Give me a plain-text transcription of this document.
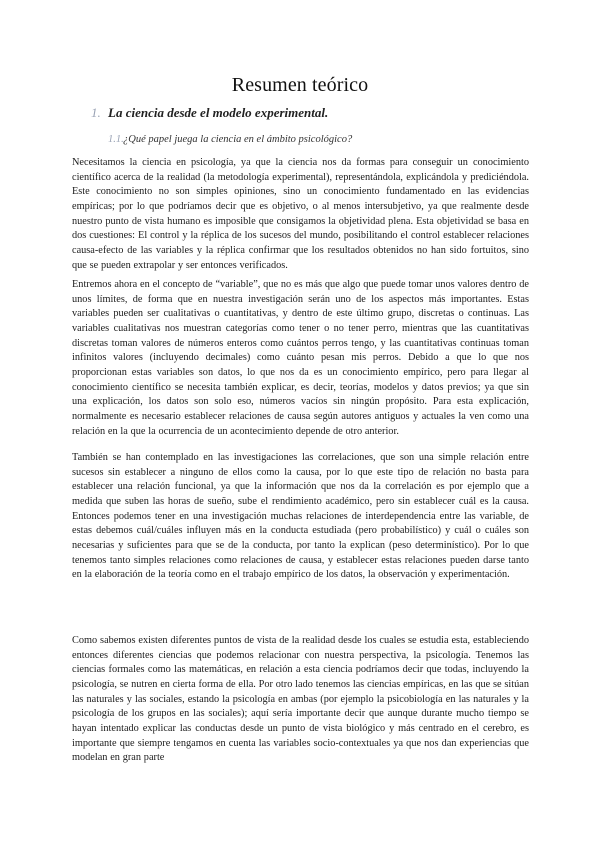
Resumen teórico
1. La ciencia desde el modelo experimental.
1.1.¿Qué papel juega la ciencia en el ámbito psicológico?

Necesitamos la ciencia en psicología, ya que la ciencia nos da formas para conseguir un conocimiento científico acerca de la realidad (la metodología experimental), representándola, explicándola y prediciéndola. Este conocimiento no son simples opiniones, sino un conocimiento fundamentado en las evidencias empíricas; por lo que podríamos decir que es objetivo, o al menos intersubjetivo, ya que realmente desde nuestro punto de vista humano es imposible que consigamos la objetividad plena. Esta objetividad se basa en dos cuestiones: El control y la réplica de los sucesos del mundo, posibilitando el control establecer relaciones causa-efecto de las variables y la réplica confirmar que los resultados obtenidos no han sido fortuitos, sino que se pueden extrapolar y ser entonces verificados.

Entremos ahora en el concepto de “variable”, que no es más que algo que puede tomar unos valores dentro de unos límites, de forma que en nuestra investigación serán uno de los aspectos más importantes. Estas variables pueden ser cualitativas o cuantitativas, y dentro de este último grupo, discretas o continuas. Las variables cualitativas nos muestran categorías como tener o no tener perro, mientras que las cuantitativas discretas toman valores de números enteros como cuántos perros tengo, y las cuantitativas continuas toman infinitos valores (incluyendo decimales) como cuánto pesan mis perros. Debido a que lo que nos proporcionan estas variables son datos, lo que nos da es un conocimiento empírico, pero para llegar al conocimiento científico se necesita también explicar, es decir, teorías, modelos y datos previos; ya que sin una explicación, los datos son solo eso, números vacíos sin ningún propósito. Para esta explicación, normalmente es necesario establecer relaciones de causa según autores antiguos y actuales la ven como una relación en la que la ocurrencia de un acontecimiento depende de otro anterior.

También se han contemplado en las investigaciones las correlaciones, que son una simple relación entre sucesos sin establecer a ninguno de ellos como la causa, por lo que este tipo de relación no basta para establecer una relación funcional, ya que la información que nos da la correlación es por ejemplo que a medida que suben las horas de sueño, sube el rendimiento académico, pero sin establecer cuál es la causa. Entonces podemos tener en una investigación muchas relaciones de interdependencia entre las variable, de estas debemos cuál/cuáles influyen más en la conducta estudiada (pero probabilístico) y cuál o cuáles son necesarias y suficientes para que se de la conducta, por tanto la explican (peso determinístico). Por lo que tenemos tanto simples relaciones como relaciones de causa, y establecer estas relaciones pueden darse tanto en la elaboración de la teoría como en el trabajo empírico de los datos, la observación y experimentación.

Como sabemos existen diferentes puntos de vista de la realidad desde los cuales se estudia esta, estableciendo entonces diferentes ciencias que podemos relacionar con nuestra perspectiva, la psicología. Tenemos las ciencias formales como las matemáticas, en relación a esta ciencia podríamos decir que todas, incluyendo la psicología, se nutren en cierta forma de ella. Por otro lado tenemos las ciencias empíricas, en las que se sitúan las naturales y las sociales, estando la psicología en ambas (por ejemplo la psicobiología en las naturales y la psicología de los grupos en las sociales); aquí sería importante decir que aunque durante mucho tiempo se hayan intentado explicar las conductas desde un punto de vista biológico y más centrado en el cerebro, es importante que siempre tengamos en cuenta las variables socio-contextuales ya que nos dan experiencias que modelan en gran parte
